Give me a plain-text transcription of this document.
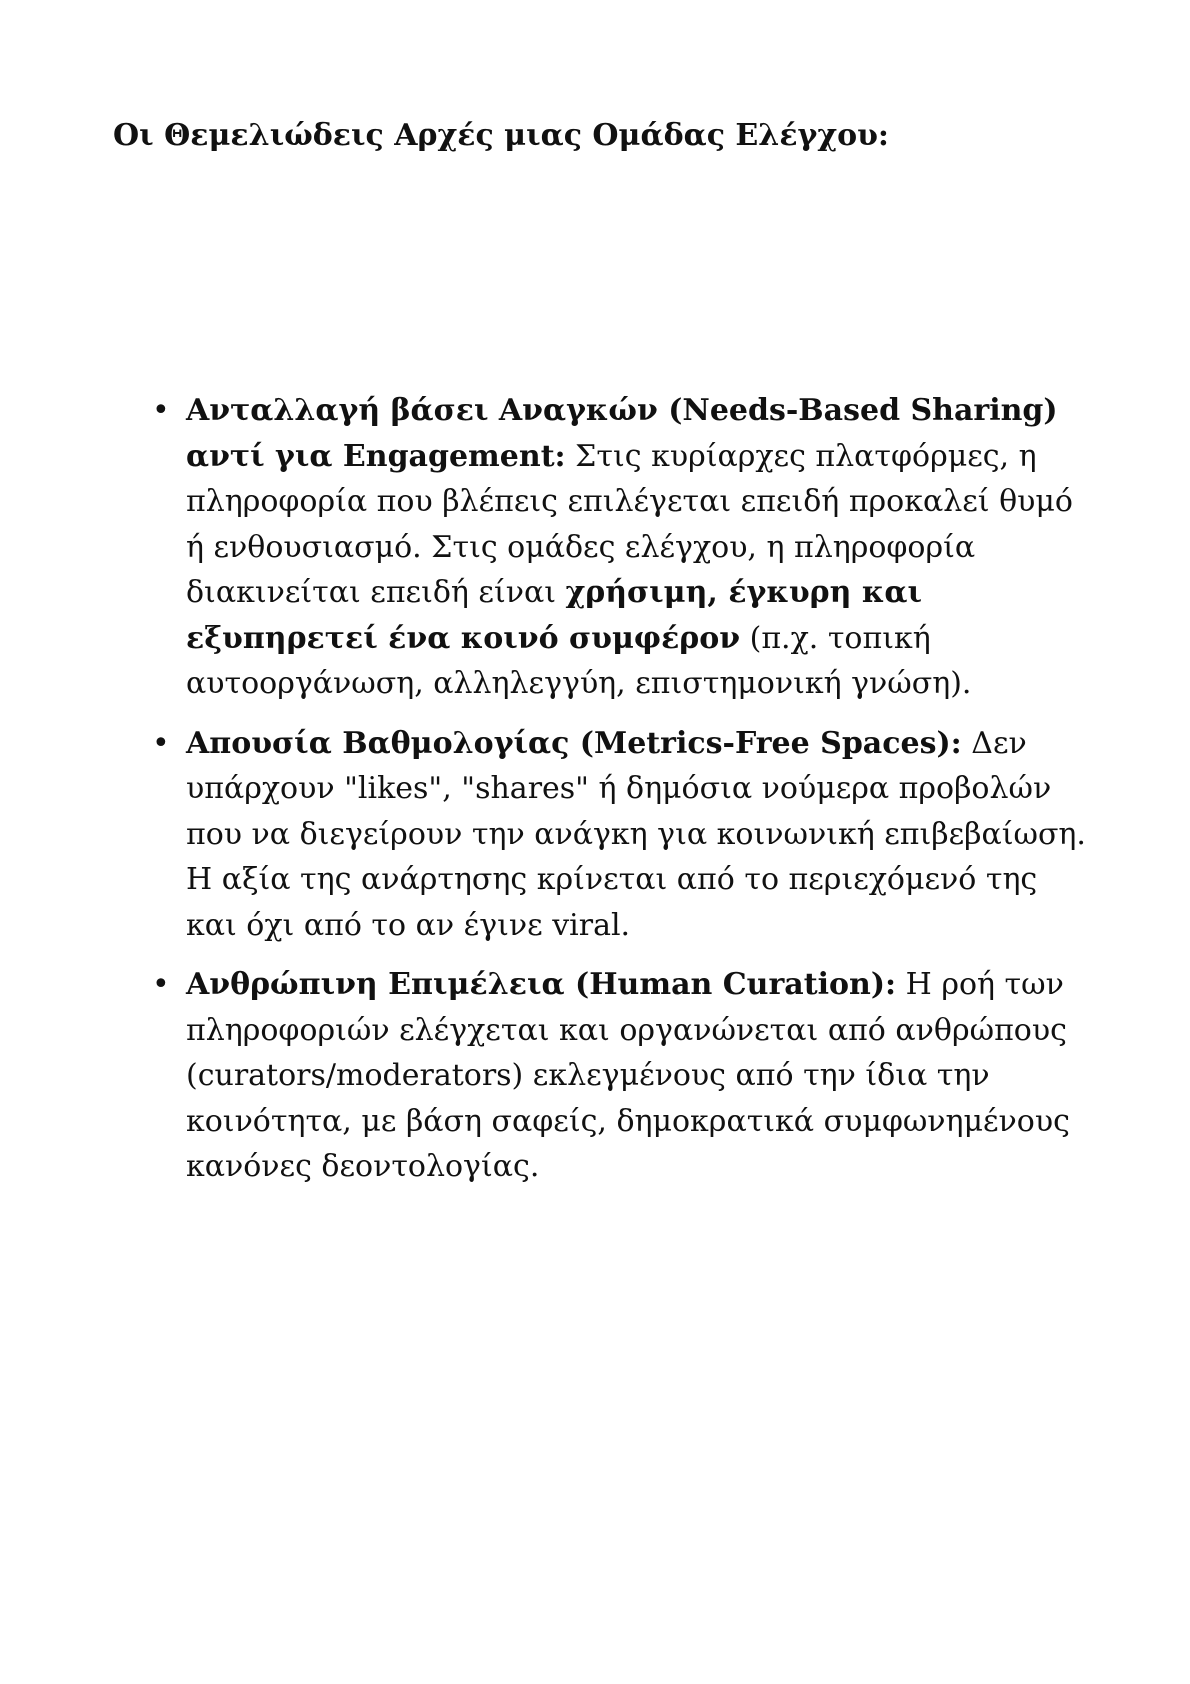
Οι Θεμελιώδεις Αρχές μιας Ομάδας Ελέγχου:
• Ανταλλαγή βάσει Αναγκών (Needs-Based Sharing) αντί για Engagement: Στις κυρίαρχες πλατφόρμες, η πληροφορία που βλέπεις επιλέγεται επειδή προκαλεί θυμό ή ενθουσιασμό. Στις ομάδες ελέγχου, η πληροφορία διακινείται επειδή είναι χρήσιμη, έγκυρη και εξυπηρετεί ένα κοινό συμφέρον (π.χ. τοπική αυτοοργάνωση, αλληλεγγύη, επιστημονική γνώση).
• Απουσία Βαθμολογίας (Metrics-Free Spaces): Δεν υπάρχουν "likes", "shares" ή δημόσια νούμερα προβολών που να διεγείρουν την ανάγκη για κοινωνική επιβεβαίωση. Η αξία της ανάρτησης κρίνεται από το περιεχόμενό της και όχι από το αν έγινε viral.
• Ανθρώπινη Επιμέλεια (Human Curation): Η ροή των πληροφοριών ελέγχεται και οργανώνεται από ανθρώπους (curators/moderators) εκλεγμένους από την ίδια την κοινότητα, με βάση σαφείς, δημοκρατικά συμφωνημένους κανόνες δεοντολογίας.
